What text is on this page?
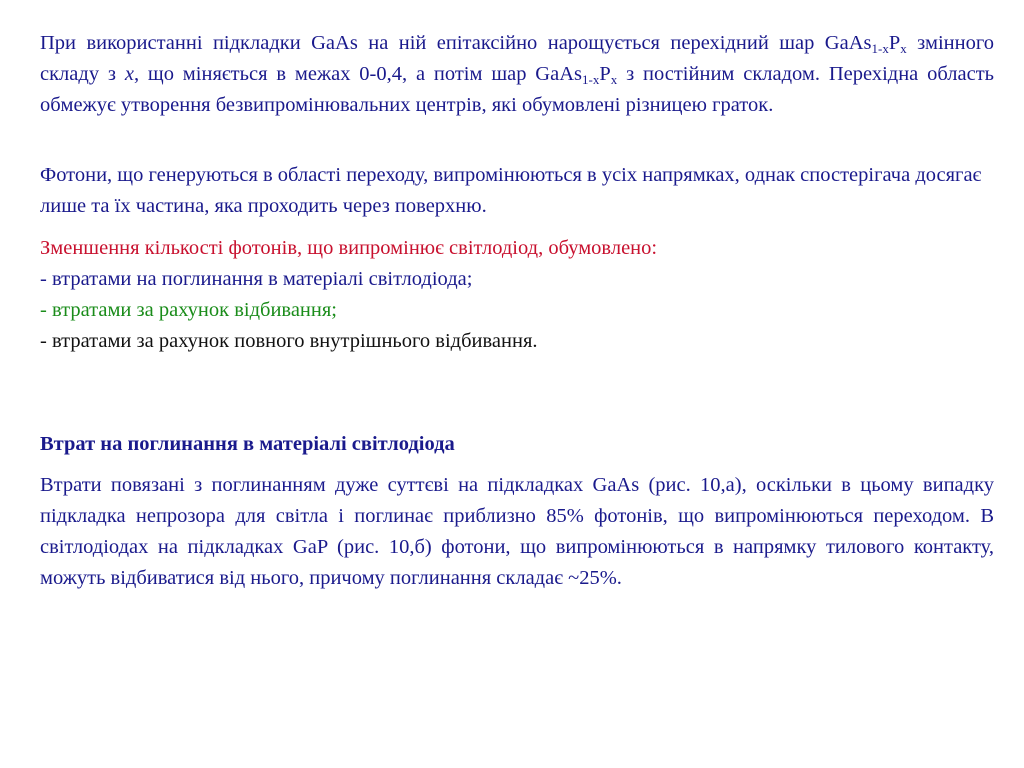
При використанні підкладки GaAs на ній епітаксійно нарощується перехідний шар $GaAs_{1-x}P_x$ змінного складу з x, що міняється в межах 0-0,4, а потім шар $GaAs_{1-x}P_x$ з постійним складом. Перехідна область обмежує утворення безвипромінювальних центрів, які обумовлені різницею граток.

Фотони, що генеруються в області переходу, випромінюються в усіх напрямках, однак спостерігача досягає лише та їх частина, яка проходить через поверхню.

Зменшення кількості фотонів, що випромінює світлодіод, обумовлено:

- втратами на поглинання в матеріалі світлодіода;

- втратами за рахунок відбивання;

- втратами за рахунок повного внутрішнього відбивання.

Втрат на поглинання в матеріалі світлодіода

Втрати повязані з поглинанням дуже суттєві на підкладках GaAs (рис. 10,а), оскільки в цьому випадку підкладка непрозора для світла і поглинає приблизно 85% фотонів, що випромінюються переходом. В світлодіодах на підкладках GaP (рис. 10,б) фотони, що випромінюються в напрямку тилового контакту, можуть відбиватися від нього, причому поглинання складає ~25%.
